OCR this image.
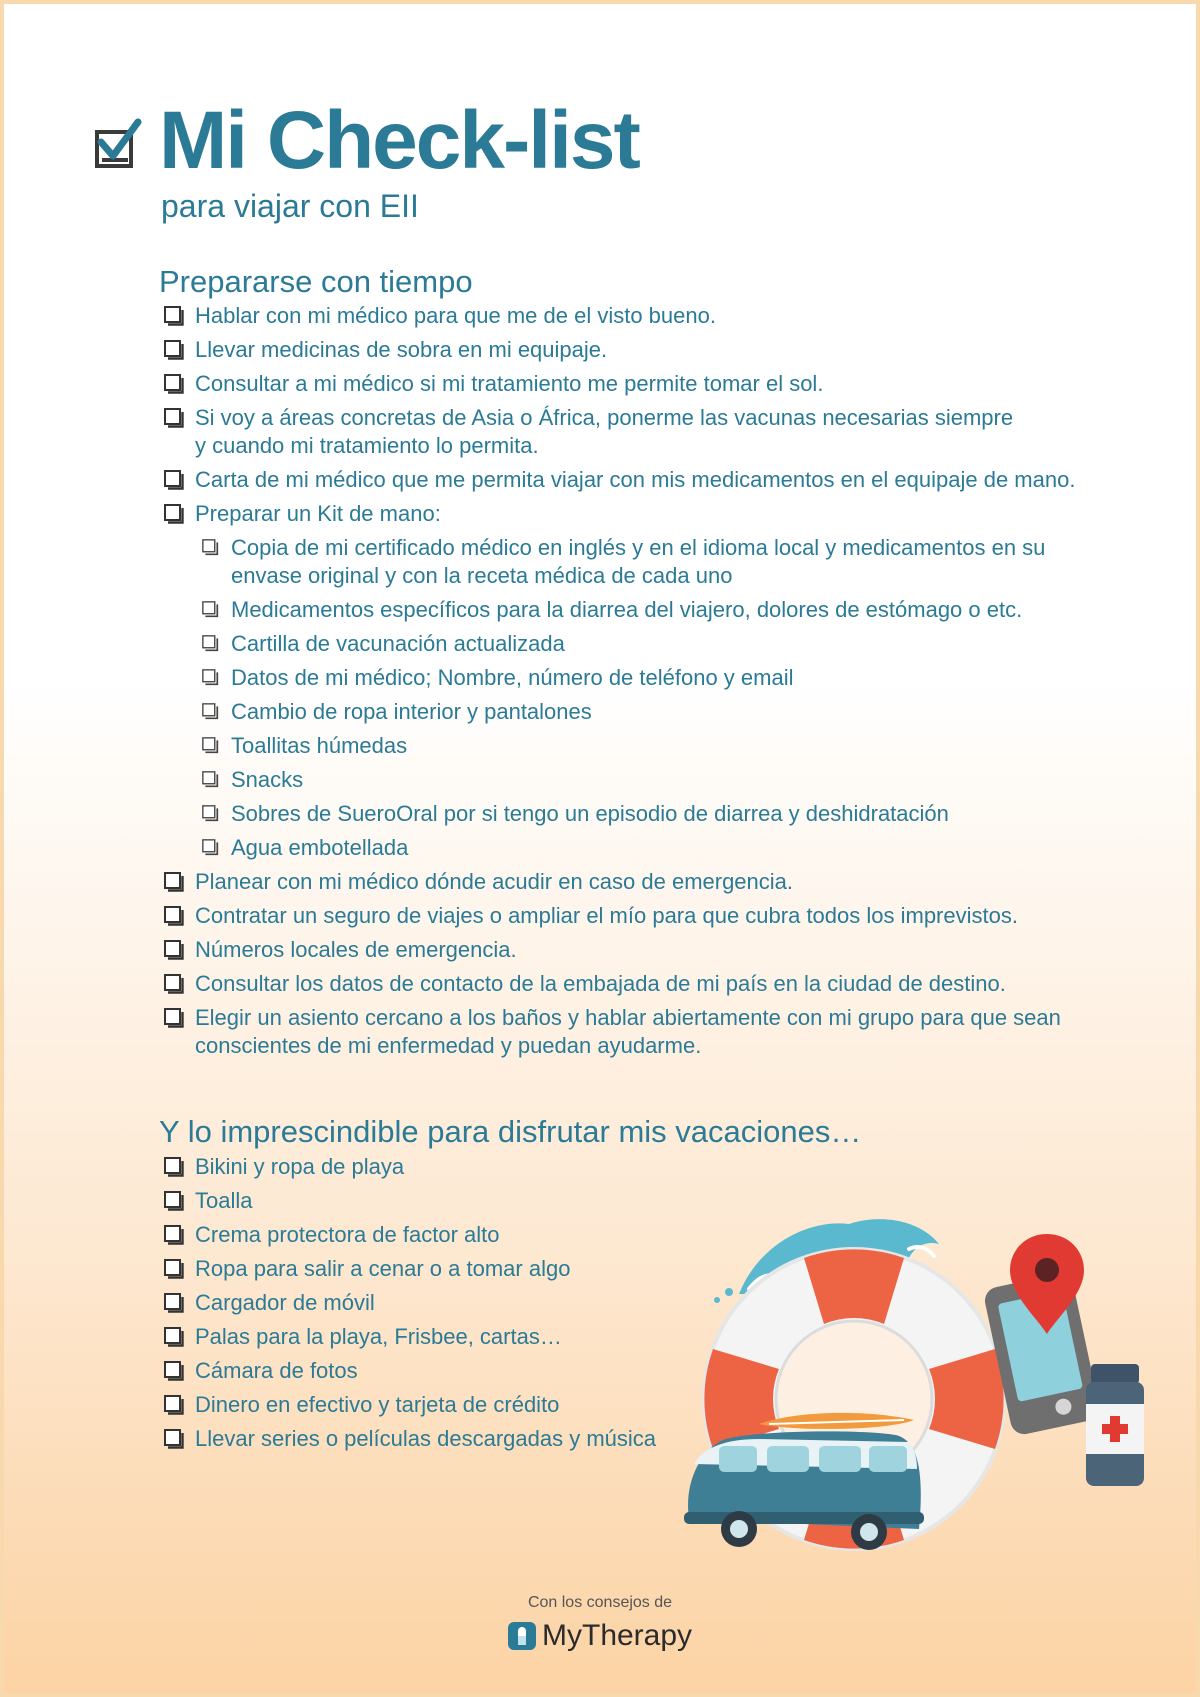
Mi Check-list

para viajar con EII

Prepararse con tiempo
Hablar con mi médico para que me de el visto bueno.
Llevar medicinas de sobra en mi equipaje.
Consultar a mi médico si mi tratamiento me permite tomar el sol.
Si voy a áreas concretas de Asia o África, ponerme las vacunas necesarias siempre
y cuando mi tratamiento lo permita.
Carta de mi médico que me permita viajar con mis medicamentos en el equipaje de mano.
Preparar un Kit de mano:
Copia de mi certificado médico en inglés y en el idioma local y medicamentos en su
envase original y con la receta médica de cada uno
Medicamentos específicos para la diarrea del viajero, dolores de estómago o etc.
Cartilla de vacunación actualizada
Datos de mi médico; Nombre, número de teléfono y email
Cambio de ropa interior y pantalones
Toallitas húmedas
Snacks
Sobres de SueroOral por si tengo un episodio de diarrea y deshidratación
Agua embotellada
Planear con mi médico dónde acudir en caso de emergencia.
Contratar un seguro de viajes o ampliar el mío para que cubra todos los imprevistos.
Números locales de emergencia.
Consultar los datos de contacto de la embajada de mi país en la ciudad de destino.
Elegir un asiento cercano a los baños y hablar abiertamente con mi grupo para que sean
conscientes de mi enfermedad y puedan ayudarme.
Y lo imprescindible para disfrutar mis vacaciones…
Bikini y ropa de playa
Toalla
Crema protectora de factor alto
Ropa para salir a cenar o a tomar algo
Cargador de móvil
Palas para la playa, Frisbee, cartas…
Cámara de fotos
Dinero en efectivo y tarjeta de crédito
Llevar series o películas descargadas y música

Con los consejos de

MyTherapy
